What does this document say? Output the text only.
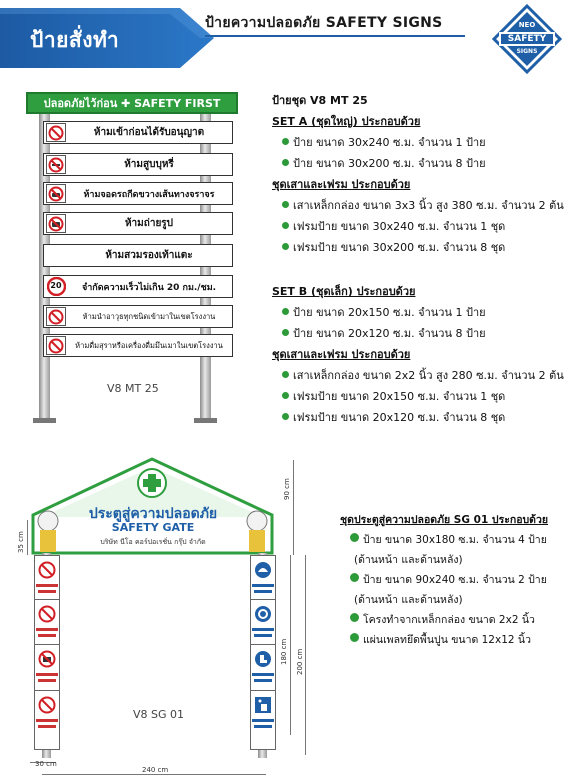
ป้ายสั่งทำ
ป้ายความปลอดภัย SAFETY SIGNS	NEO
SAFETY
SIGNS
ปลอดภัยไว้ก่อน ✚ SAFETY FIRST
ห้ามเข้าก่อนได้รับอนุญาต
ห้ามสูบบุหรี่
ห้ามจอดรถกีดขวางเส้นทางจราจร
ห้ามถ่ายรูป
ห้ามสวมรองเท้าแตะ
20	จำกัดความเร็วไม่เกิน 20 กม./ชม.
ห้ามนำอาวุธทุกชนิดเข้ามาในเขตโรงงาน
ห้ามดื่มสุราหรือเครื่องดื่มมึนเมาในเขตโรงงาน
V8 MT 25
ป้ายชุด V8 MT 25
SET A (ชุดใหญ่) ประกอบด้วย
ป้าย ขนาด 30x240 ซ.ม. จำนวน 1 ป้าย
ป้าย ขนาด 30x200 ซ.ม. จำนวน 8 ป้าย
ชุดเสาและเฟรม ประกอบด้วย
เสาเหล็กกล่อง ขนาด 3x3 นิ้ว สูง 380 ซ.ม. จำนวน 2 ต้น
เฟรมป้าย ขนาด 30x240 ซ.ม. จำนวน 1 ชุด
เฟรมป้าย ขนาด 30x200 ซ.ม. จำนวน 8 ชุด
SET B (ชุดเล็ก) ประกอบด้วย
ป้าย ขนาด 20x150 ซ.ม. จำนวน 1 ป้าย
ป้าย ขนาด 20x120 ซ.ม. จำนวน 8 ป้าย
ชุดเสาและเฟรม ประกอบด้วย
เสาเหล็กกล่อง ขนาด 2x2 นิ้ว สูง 280 ซ.ม. จำนวน 2 ต้น
เฟรมป้าย ขนาด 20x150 ซ.ม. จำนวน 1 ชุด
เฟรมป้าย ขนาด 20x120 ซ.ม. จำนวน 8 ชุด
ประตูสู่ความปลอดภัย
SAFETY GATE
บริษัท นีโอ คอร์ปอเรชั่น กรุ๊ป จำกัด
90 cm
35 cm
180 cm 200 cm
30 cm
240 cm
V8 SG 01
ชุดประตูสู่ความปลอดภัย SG 01 ประกอบด้วย
ป้าย ขนาด 30x180 ซ.ม. จำนวน 4 ป้าย
(ด้านหน้า และด้านหลัง)
ป้าย ขนาด 90x240 ซ.ม. จำนวน 2 ป้าย
(ด้านหน้า และด้านหลัง)
โครงทำจากเหล็กกล่อง ขนาด 2x2 นิ้ว
แผ่นเพลทยึดพื้นปูน ขนาด 12x12 นิ้ว
